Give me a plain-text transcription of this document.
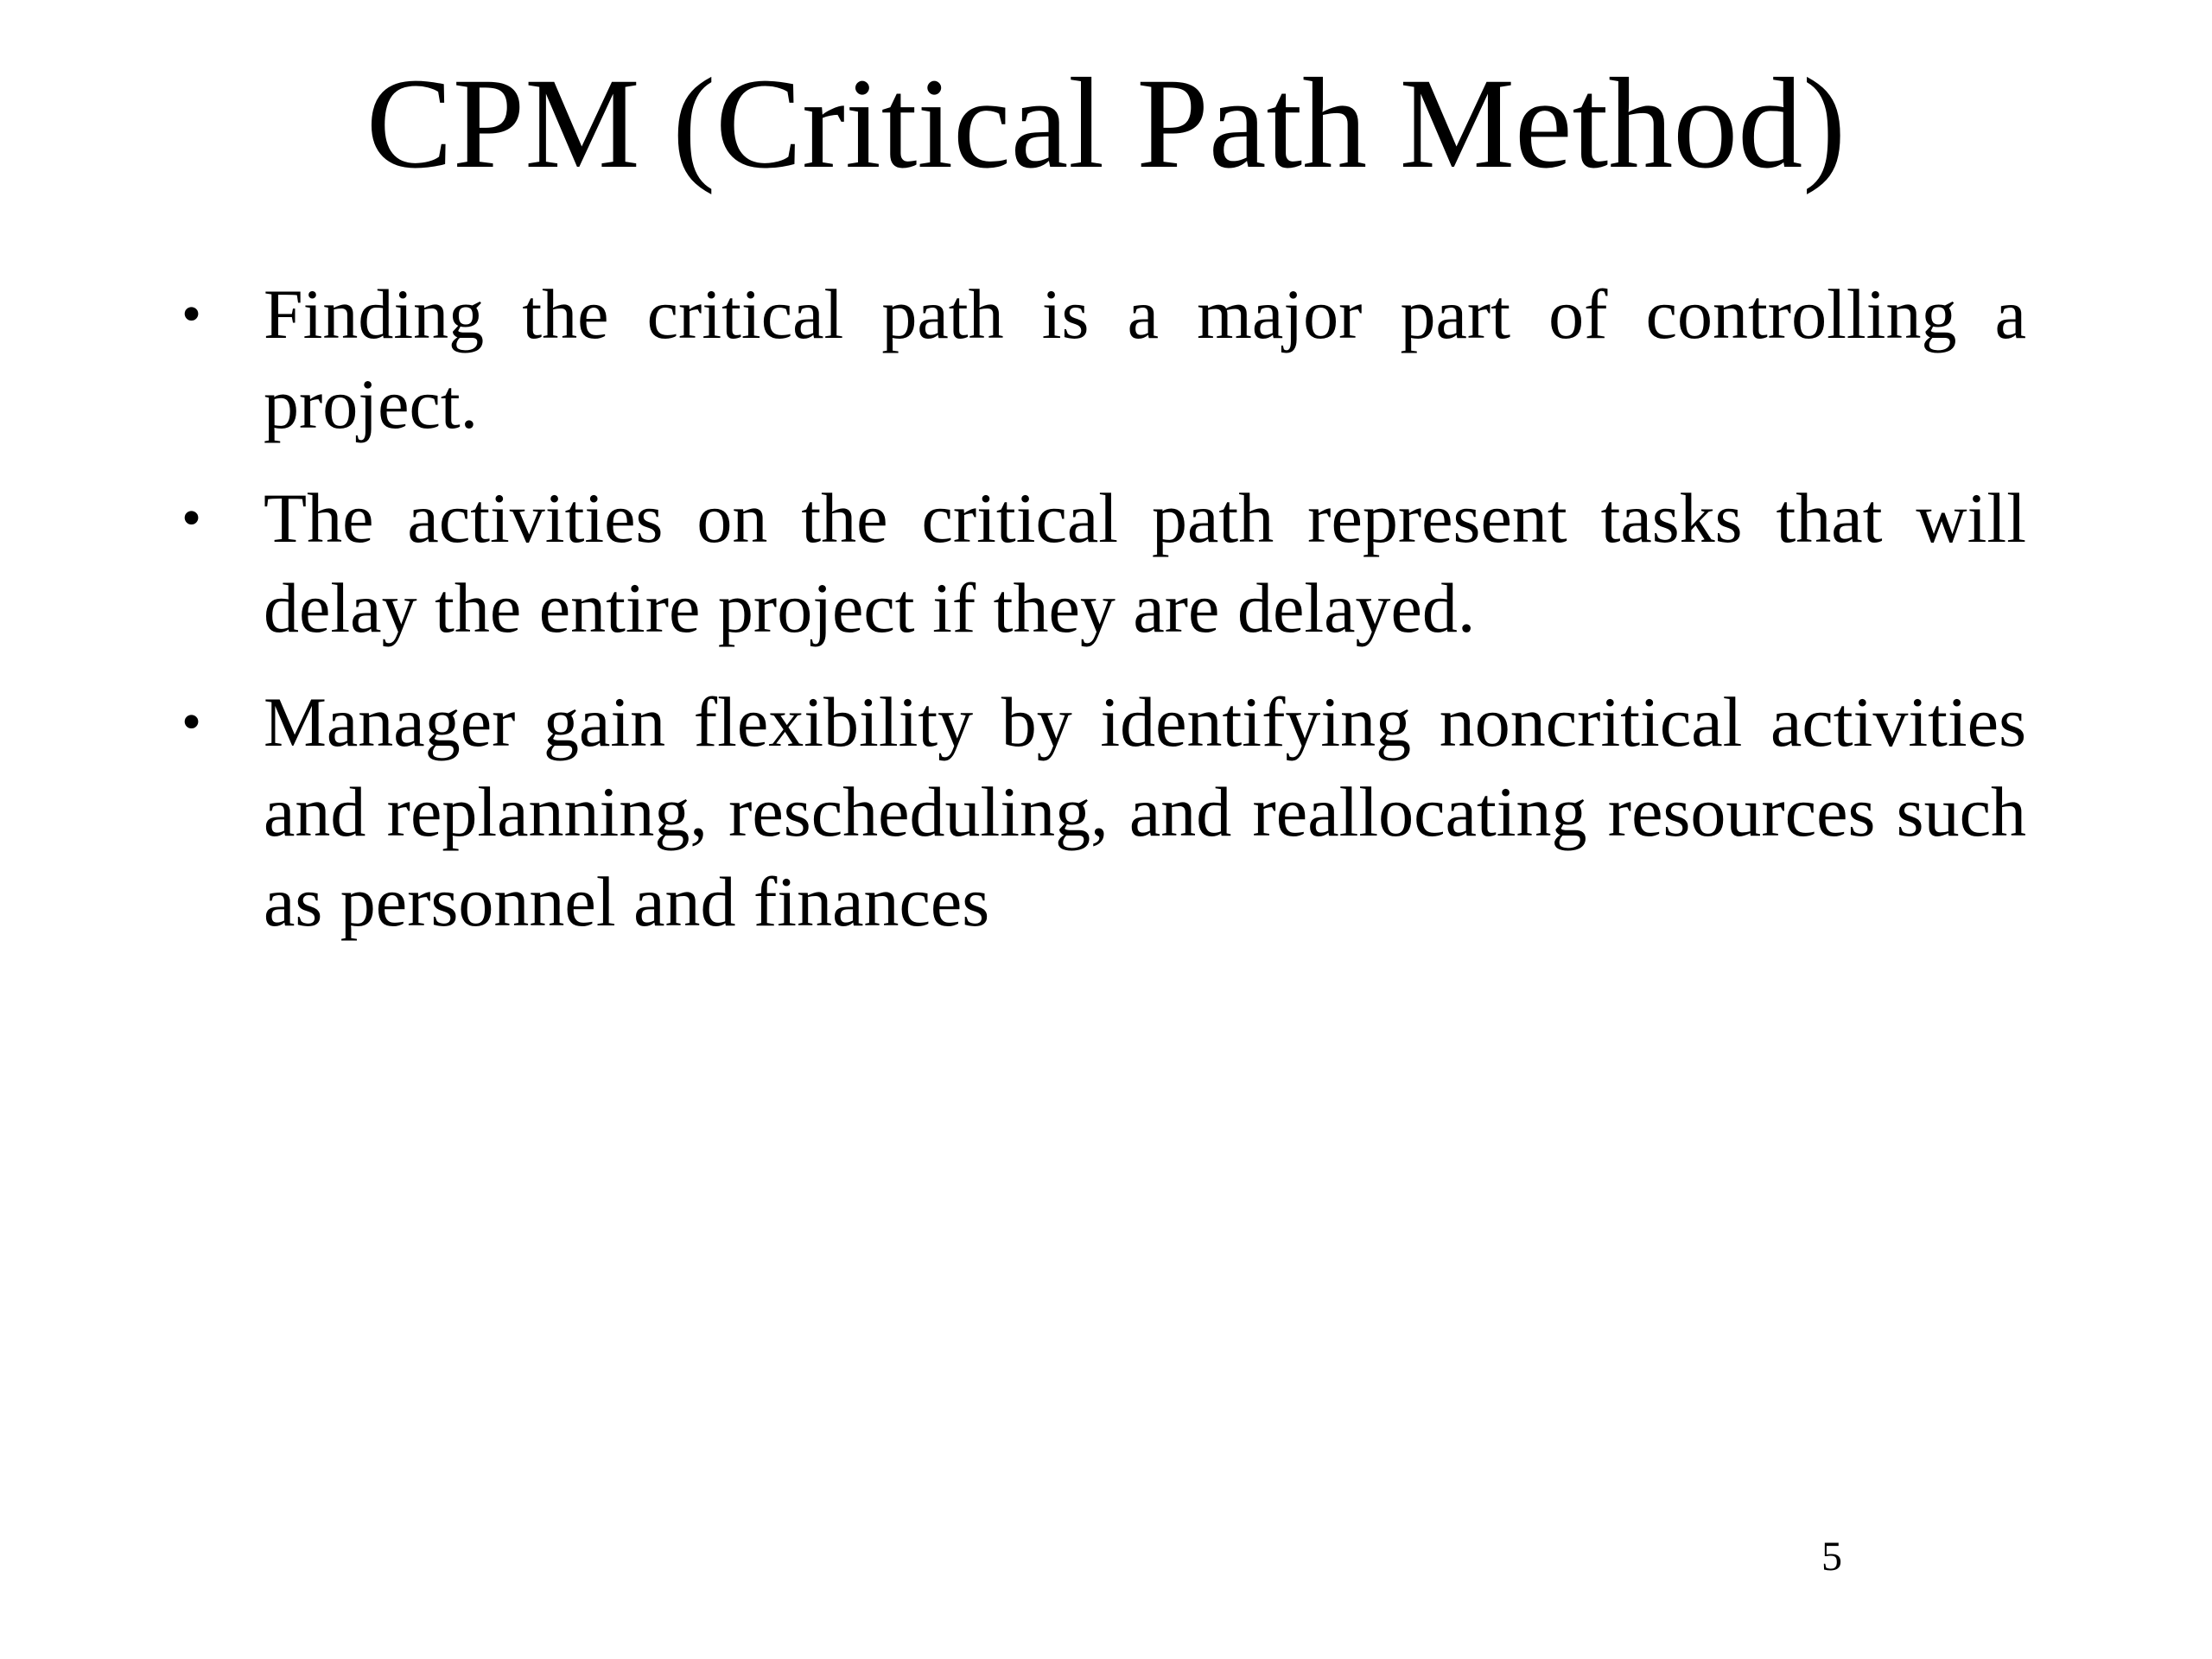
CPM (Critical Path Method)
• Finding the critical path is a major part of controlling a project.
• The activities on the critical path represent tasks that will delay the entire project if they are delayed.
• Manager gain flexibility by identifying noncritical activities and replanning, rescheduling, and reallocating resources such as personnel and finances
5
